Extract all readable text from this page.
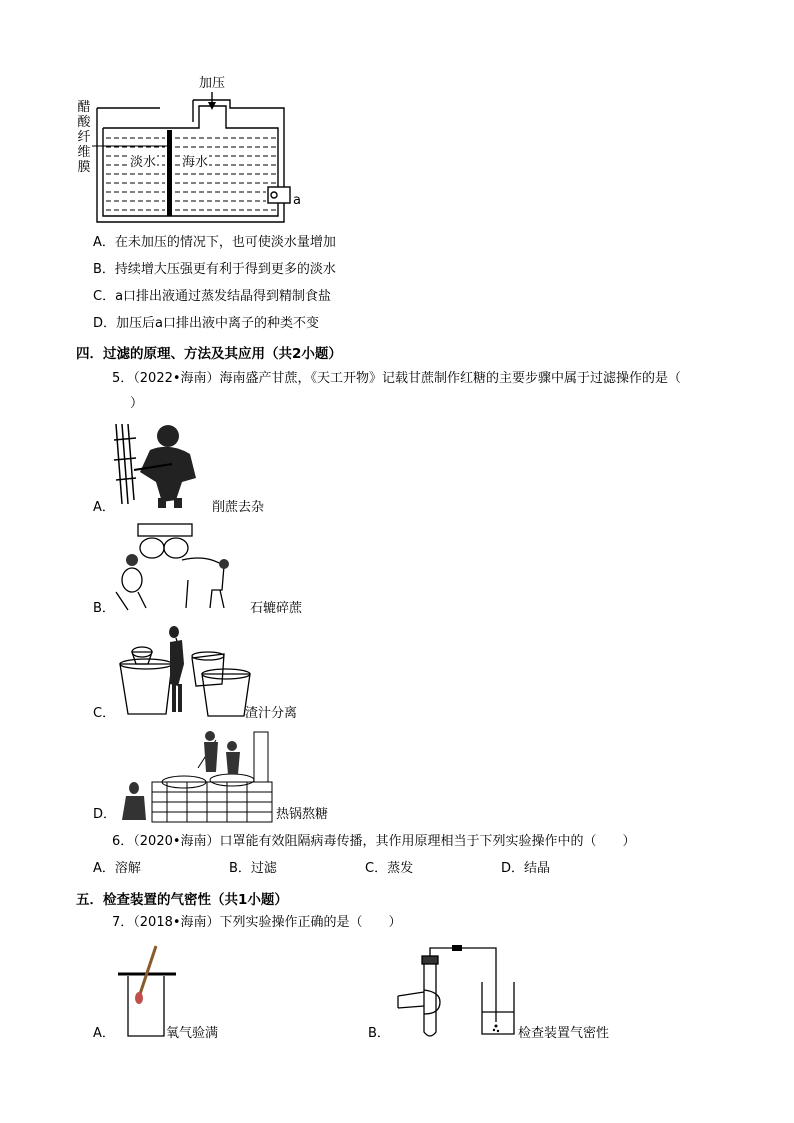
加压
醋
酸
纤
维
膜	淡水 海水
a
A．在未加压的情况下，也可使淡水量增加
B．持续增大压强更有利于得到更多的淡水
C．a口排出液通过蒸发结晶得到精制食盐
D．加压后a口排出液中离子的种类不变
四．过滤的原理、方法及其应用（共2小题）
5．（2022•海南）海南盛产甘蔗，《天工开物》记载甘蔗制作红糖的主要步骤中属于过滤操作的是（
）
A．	削蔗去杂
B．	石辘碎蔗
C．	渣汁分离
D．	热锅熬糖
6．（2020•海南）口罩能有效阻隔病毒传播，其作用原理相当于下列实验操作中的（　　）
A．溶解	B．过滤	C．蒸发	D．结晶
五．检查装置的气密性（共1小题）
7．（2018•海南）下列实验操作正确的是（　　）
A．	氧气验满	B．	检查装置气密性
